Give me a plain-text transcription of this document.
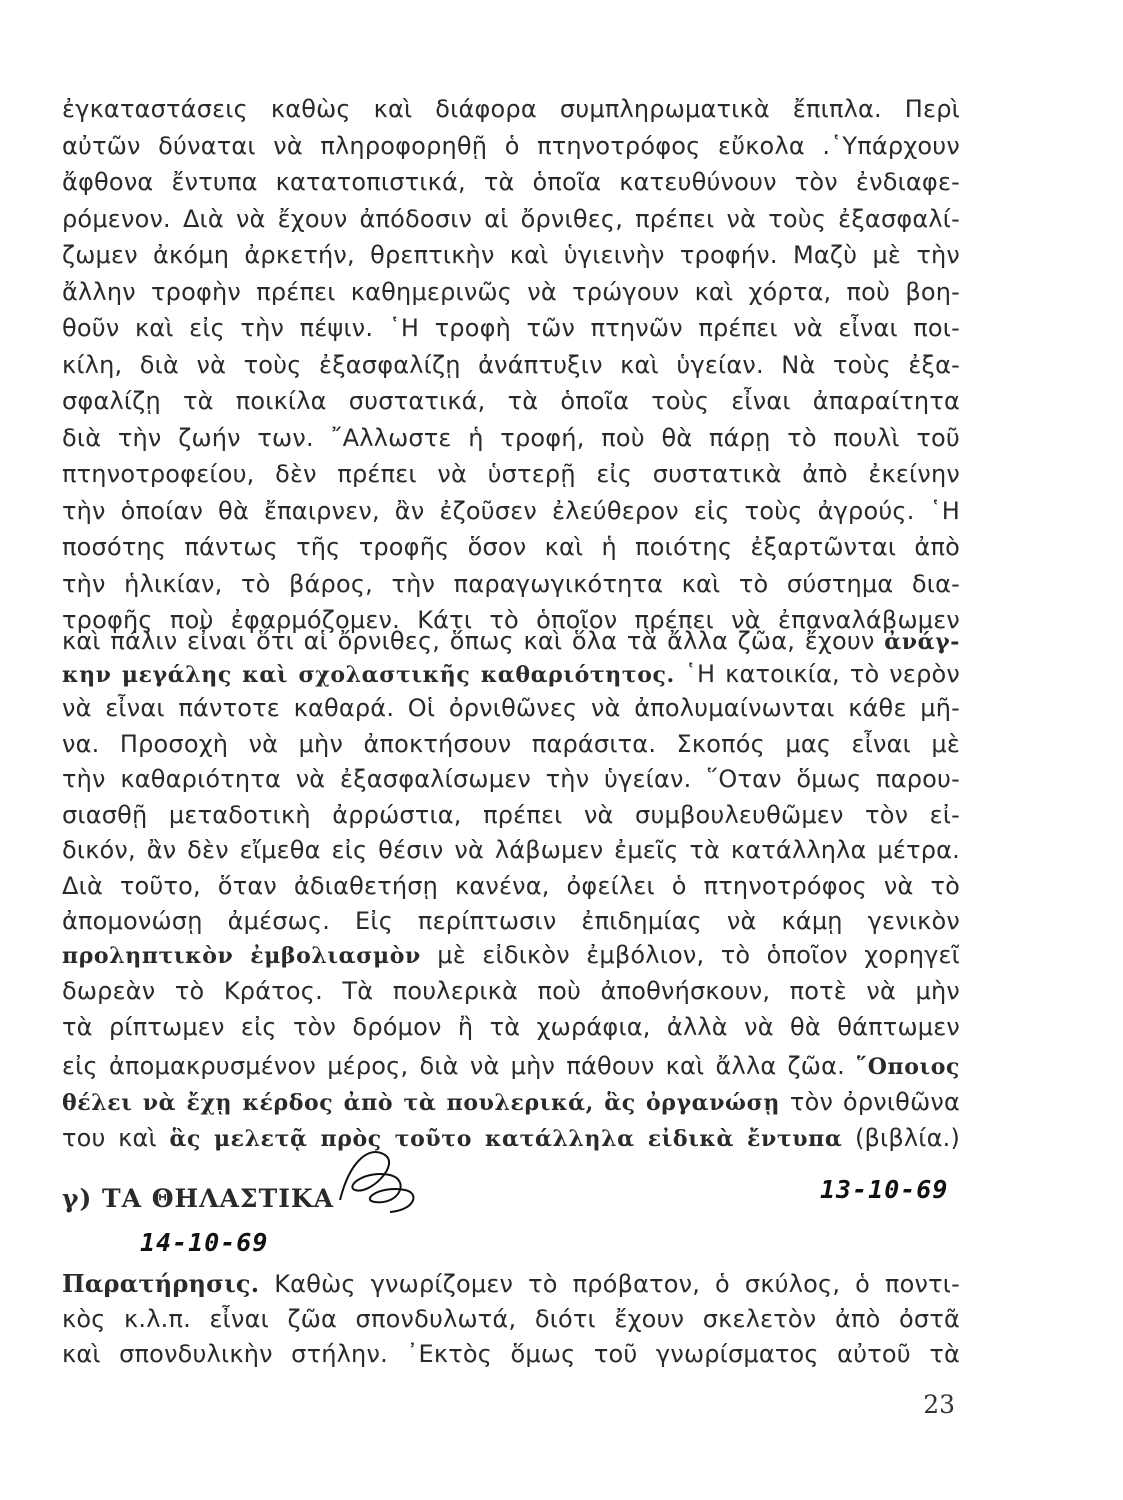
ἐγκαταστάσεις καθὼς καὶ διάφορα συμπληρωματικὰ ἔπιπλα. Περὶ
αὐτῶν δύναται νὰ πληροφορηθῇ ὁ πτηνοτρόφος εὔκολα .῾Υπάρχουν
ἄφθονα ἔντυπα κατατοπιστικά, τὰ ὁποῖα κατευθύνουν τὸν ἐνδιαφε-
ρόμενον. Διὰ νὰ ἔχουν ἀπόδοσιν αἱ ὄρνιθες, πρέπει νὰ τοὺς ἐξασφαλί-
ζωμεν ἀκόμη ἀρκετήν, θρεπτικὴν καὶ ὑγιεινὴν τροφήν. Μαζὺ μὲ τὴν
ἄλλην τροφὴν πρέπει καθημερινῶς νὰ τρώγουν καὶ χόρτα, ποὺ βοη-
θοῦν καὶ εἰς τὴν πέψιν. ῾Η τροφὴ τῶν πτηνῶν πρέπει νὰ εἶναι ποι-
κίλη, διὰ νὰ τοὺς ἐξασφαλίζῃ ἀνάπτυξιν καὶ ὑγείαν. Νὰ τοὺς ἐξα-
σφαλίζῃ τὰ ποικίλα συστατικά, τὰ ὁποῖα τοὺς εἶναι ἀπαραίτητα
διὰ τὴν ζωήν των. ῎Αλλωστε ἡ τροφή, ποὺ θὰ πάρῃ τὸ πουλὶ τοῦ
πτηνοτροφείου, δὲν πρέπει νὰ ὑστερῇ εἰς συστατικὰ ἀπὸ ἐκείνην
τὴν ὁποίαν θὰ ἔπαιρνεν, ἂν ἐζοῦσεν ἐλεύθερον εἰς τοὺς ἀγρούς. ῾Η
ποσότης πάντως τῆς τροφῆς ὅσον καὶ ἡ ποιότης ἐξαρτῶνται ἀπὸ
τὴν ἡλικίαν, τὸ βάρος, τὴν παραγωγικότητα καὶ τὸ σύστημα δια-
τροφῆς ποὺ ἐφαρμόζομεν. Κάτι τὸ ὁποῖον πρέπει νὰ ἐπαναλάβωμεν
καὶ πάλιν εἶναι ὅτι αἱ ὄρνιθες, ὅπως καὶ ὅλα τὰ ἄλλα ζῶα, ἔχουν ἀνάγ-
κην μεγάλης καὶ σχολαστικῆς καθαριότητος. ῾Η κατοικία, τὸ νερὸν
νὰ εἶναι πάντοτε καθαρά. Οἱ ὀρνιθῶνες νὰ ἀπολυμαίνωνται κάθε μῆ-
να. Προσοχὴ νὰ μὴν ἀποκτήσουν παράσιτα. Σκοπός μας εἶναι μὲ
τὴν καθαριότητα νὰ ἐξασφαλίσωμεν τὴν ὑγείαν. ῞Οταν ὅμως παρου-
σιασθῇ μεταδοτικὴ ἀρρώστια, πρέπει νὰ συμβουλευθῶμεν τὸν εἰ-
δικόν, ἂν δὲν εἴμεθα εἰς θέσιν νὰ λάβωμεν ἐμεῖς τὰ κατάλληλα μέτρα.
Διὰ τοῦτο, ὅταν ἀδιαθετήσῃ κανένα, ὀφείλει ὁ πτηνοτρόφος νὰ τὸ
ἀπομονώσῃ ἀμέσως. Εἰς περίπτωσιν ἐπιδημίας νὰ κάμῃ γενικὸν
προληπτικὸν ἐμβολιασμὸν μὲ εἰδικὸν ἐμβόλιον, τὸ ὁποῖον χορηγεῖ
δωρεὰν τὸ Κράτος. Τὰ πουλερικὰ ποὺ ἀποθνήσκουν, ποτὲ νὰ μὴν
τὰ ρίπτωμεν εἰς τὸν δρόμον ἢ τὰ χωράφια, ἀλλὰ νὰ θὰ θάπτωμεν
εἰς ἀπομακρυσμένον μέρος, διὰ νὰ μὴν πάθουν καὶ ἄλλα ζῶα. ῞Οποιος
θέλει νὰ ἔχῃ κέρδος ἀπὸ τὰ πουλερικά, ἃς ὀργανώσῃ τὸν ὀρνιθῶνα
του καὶ ἃς μελετᾷ πρὸς τοῦτο κατάλληλα εἰδικὰ ἔντυπα (βιβλία.)
γ) ΤΑ ΘΗΛΑΣΤΙΚΑ	13-10-69
14-10-69
Παρατήρησις. Καθὼς γνωρίζομεν τὸ πρόβατον, ὁ σκύλος, ὁ ποντι-
κὸς κ.λ.π. εἶναι ζῶα σπονδυλωτά, διότι ἔχουν σκελετὸν ἀπὸ ὀστᾶ
καὶ σπονδυλικὴν στήλην. ᾿Εκτὸς ὅμως τοῦ γνωρίσματος αὐτοῦ τὰ
23
